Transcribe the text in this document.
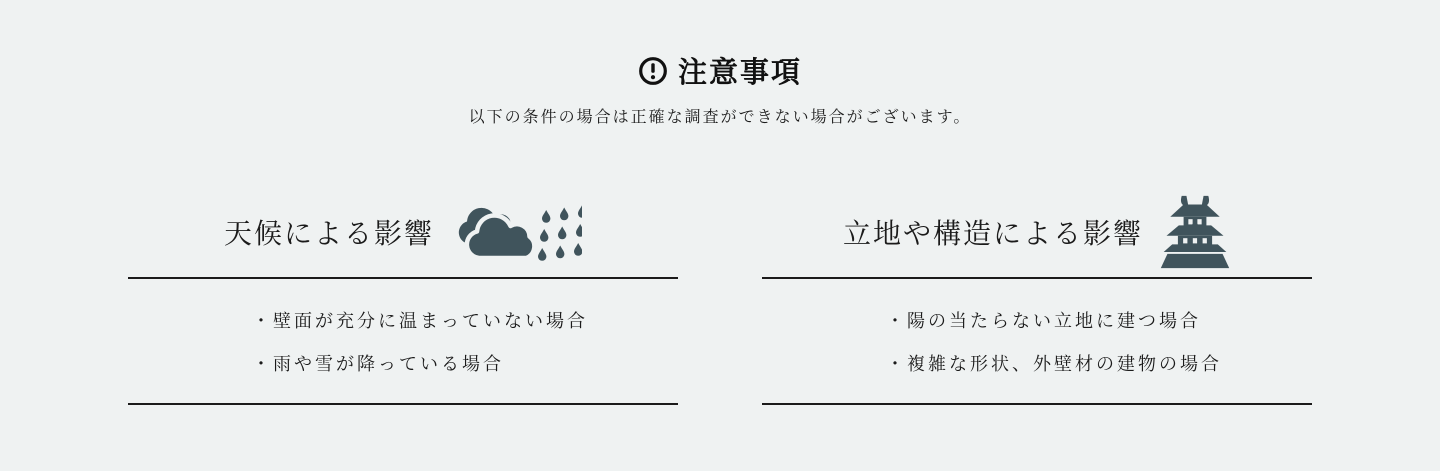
注意事項

以下の条件の場合は正確な調査ができない場合がございます。

天候による影響
・壁面が充分に温まっていない場合
・雨や雪が降っている場合
立地や構造による影響
・陽の当たらない立地に建つ場合
・複雑な形状、外壁材の建物の場合
